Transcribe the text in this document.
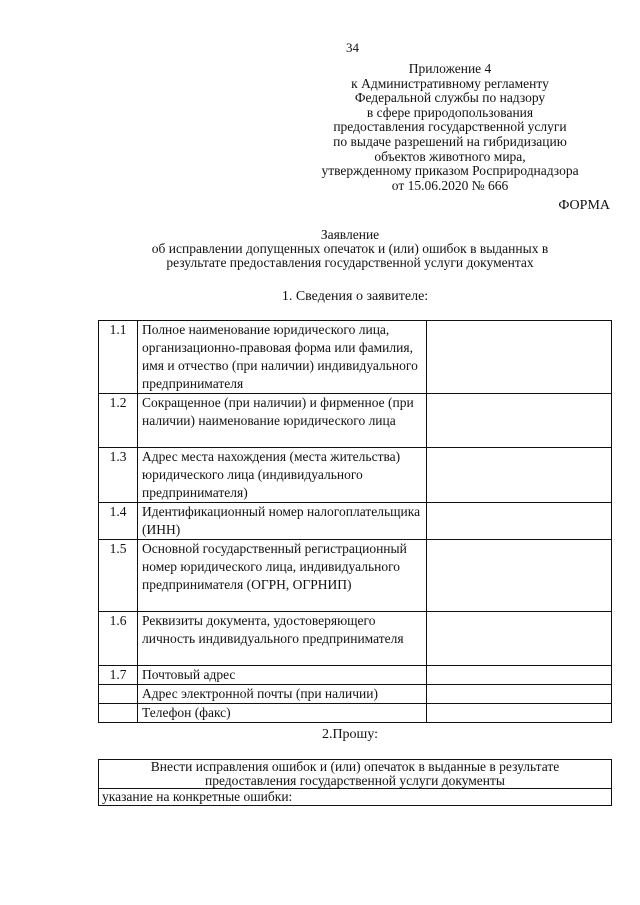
34
Приложение 4
к Административному регламенту
Федеральной службы по надзору
в сфере природопользования
предоставления государственной услуги
по выдаче разрешений на гибридизацию
объектов животного мира,
утвержденному приказом Росприроднадзора
от 15.06.2020 № 666
ФОРМА
Заявление
об исправлении допущенных опечаток и (или) ошибок в выданных в
результате предоставления государственной услуги документах
1. Сведения о заявителе:
1.1	Полное наименование юридического лица, организационно-правовая форма или фамилия, имя и отчество (при наличии) индивидуального предпринимателя	
1.2	Сокращенное (при наличии) и фирменное (при наличии) наименование юридического лица	
1.3	Адрес места нахождения (места жительства) юридического лица (индивидуального предпринимателя)	
1.4	Идентификационный номер налогоплательщика (ИНН)	
1.5	Основной государственный регистрационный номер юридического лица, индивидуального предпринимателя (ОГРН, ОГРНИП)	
1.6	Реквизиты документа, удостоверяющего личность индивидуального предпринимателя	
1.7	Почтовый адрес	
	Адрес электронной почты (при наличии)	
	Телефон (факс)	
2.Прошу:
Внести исправления ошибок и (или) опечаток в выданные в результате
предоставления государственной услуги документы

указание на конкретные ошибки:
